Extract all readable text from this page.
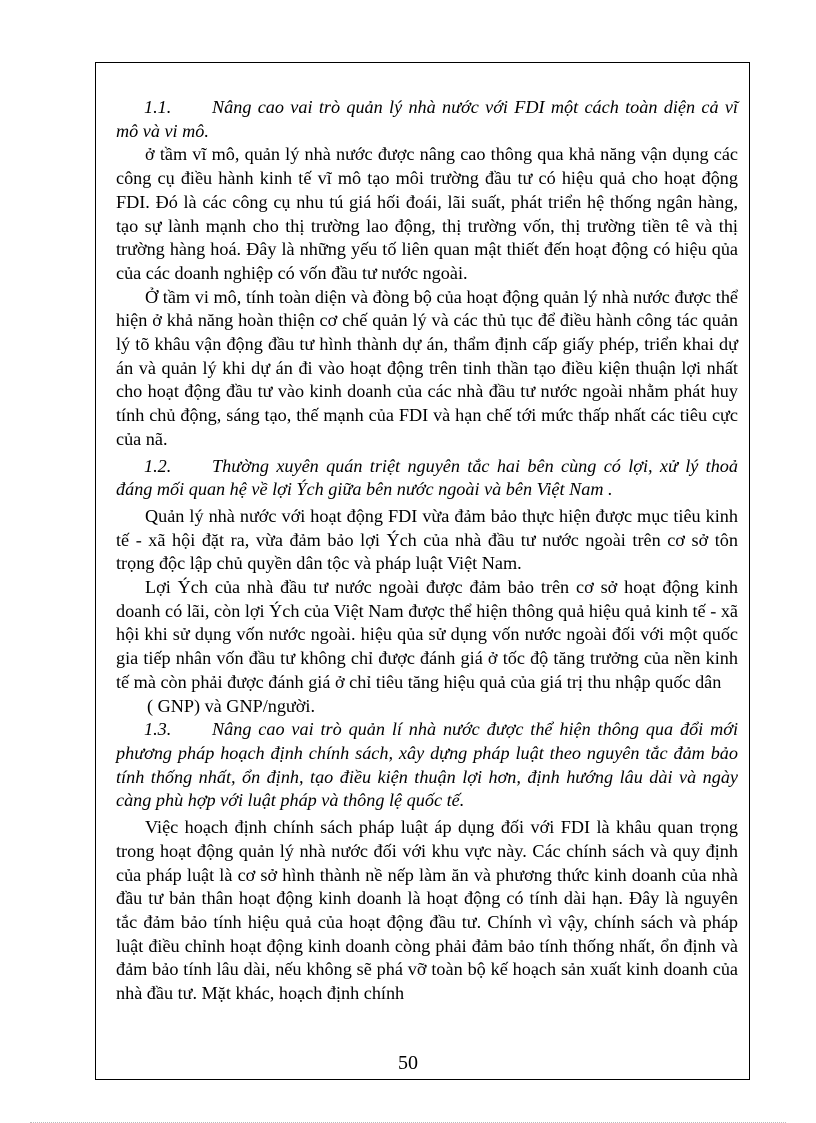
1.1. Nâng cao vai trò quản lý nhà nước với FDI một cách toàn diện cả vĩ mô và vi mô.

ở tầm vĩ mô, quản lý nhà nước được nâng cao thông qua khả năng vận dụng các công cụ điều hành kinh tế vĩ mô tạo môi trường đầu tư có hiệu quả cho hoạt động FDI. Đó là các công cụ nhu tú giá hối đoái, lãi suất, phát triển hệ thống ngân hàng, tạo sự lành mạnh cho thị trường lao động, thị trường vốn, thị trường tiền tê và thị trường hàng hoá. Đây là những yếu tố liên quan mật thiết đến hoạt động có hiệu qủa của các doanh nghiệp có vốn đầu tư nước ngoài.

Ở tầm vi mô, tính toàn diện và đòng bộ của hoạt động quản lý nhà nước được thể hiện ở khả năng hoàn thiện cơ chế quản lý và các thủ tục để điều hành công tác quản lý tõ khâu vận động đầu tư hình thành dự án, thẩm định cấp giấy phép, triển khai dự án và quản lý khi dự án đi vào hoạt động trên tinh thần tạo điều kiện thuận lợi nhất cho hoạt động đầu tư vào kinh doanh của các nhà đầu tư nước ngoài nhằm phát huy tính chủ động, sáng tạo, thế mạnh của FDI và hạn chế tới mức thấp nhất các tiêu cực của nã.

1.2. Thường xuyên quán triệt nguyên tắc hai bên cùng có lợi, xử lý thoả đáng mối quan hệ về lợi Ých giữa bên nước ngoài và bên Việt Nam .

Quản lý nhà nước với hoạt động FDI vừa đảm bảo thực hiện được mục tiêu kinh tế - xã hội đặt ra, vừa đảm bảo lợi Ých của nhà đầu tư nước ngoài trên cơ sở tôn trọng độc lập chủ quyền dân tộc và pháp luật Việt Nam.

Lợi Ých của nhà đầu tư nước ngoài được đảm bảo trên cơ sở hoạt động kinh doanh có lãi, còn lợi Ých của Việt Nam được thể hiện thông quả hiệu quả kinh tế - xã hội khi sử dụng vốn nước ngoài. hiệu qủa sử dụng vốn nước ngoài đối với một quốc gia tiếp nhân vốn đầu tư không chỉ được đánh giá ở tốc độ tăng trưởng của nền kinh tế mà còn phải được đánh giá ở chỉ tiêu tăng hiệu quả của giá trị thu nhập quốc dân

( GNP) và GNP/người.

1.3. Nâng cao vai trò quản lí nhà nước được thể hiện thông qua đổi mới phương pháp hoạch định chính sách, xây dựng pháp luật theo nguyên tắc đảm bảo tính thống nhất, ổn định, tạo điều kiện thuận lợi hơn, định hướng lâu dài và ngày càng phù hợp với luật pháp và thông lệ quốc tế.

Việc hoạch định chính sách pháp luật áp dụng đối với FDI là khâu quan trọng trong hoạt động quản lý nhà nước đối với khu vực này. Các chính sách và quy định của pháp luật là cơ sở hình thành nề nếp làm ăn và phương thức kinh doanh của nhà đầu tư bản thân hoạt động kinh doanh là hoạt động có tính dài hạn. Đây là nguyên tắc đảm bảo tính hiệu quả của hoạt động đầu tư. Chính vì vậy, chính sách và pháp luật điều chỉnh hoạt động kinh doanh còng phải đảm bảo tính thống nhất, ổn định và đảm bảo tính lâu dài, nếu không sẽ phá vỡ toàn bộ kế hoạch sản xuất kinh doanh của nhà đầu tư. Mặt khác, hoạch định chính

50
